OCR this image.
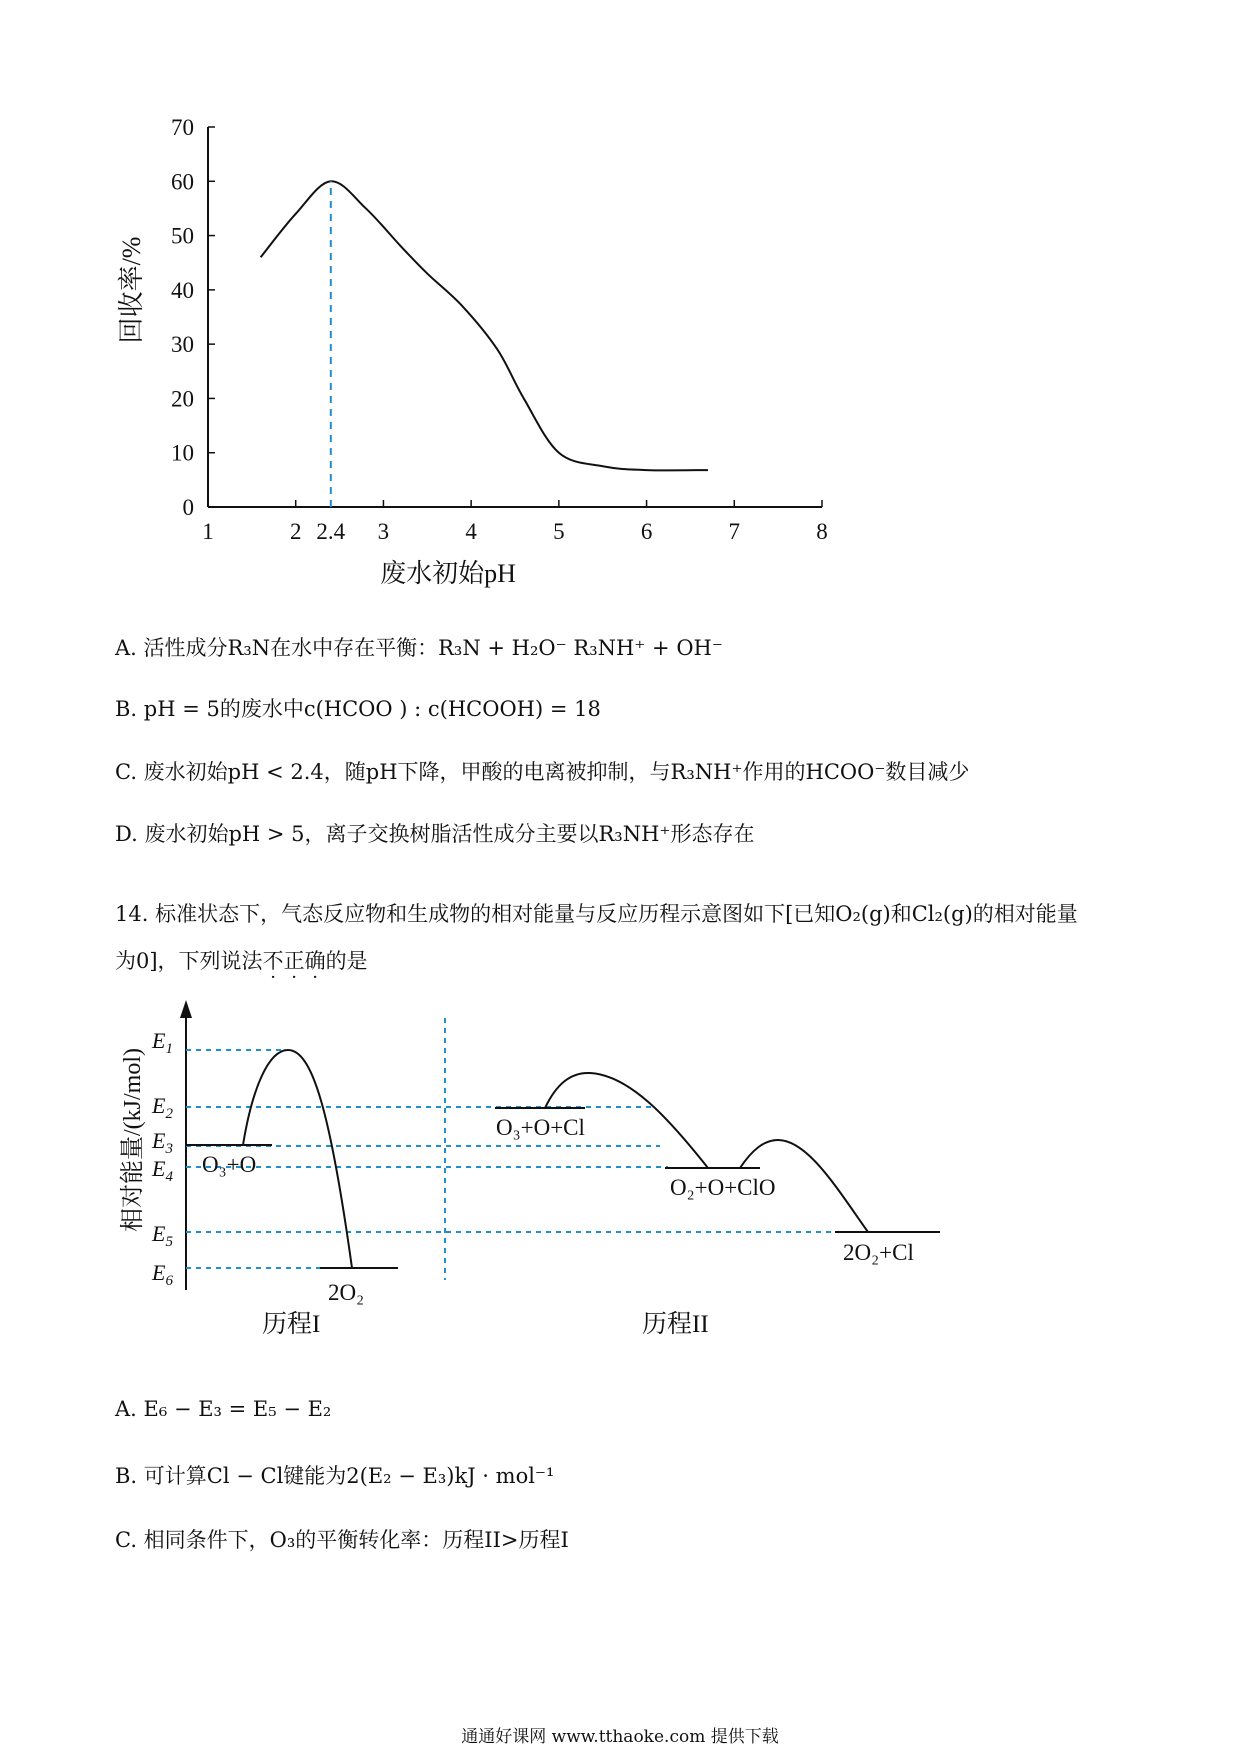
1	2 2.4 3	4	5	6	7	8
0
10
20
30
40
50
60
70
废水初始pH
回收率/%
A. 活性成分R₃N在水中存在平衡：R₃N + H₂O⁻ R₃NH⁺ + OH⁻
B. pH = 5的废水中c(HCOO ) : c(HCOOH) = 18
C. 废水初始pH < 2.4，随pH下降，甲酸的电离被抑制，与R₃NH⁺作用的HCOO⁻数目减少
D. 废水初始pH > 5，离子交换树脂活性成分主要以R₃NH⁺形态存在
14. 标准状态下，气态反应物和生成物的相对能量与反应历程示意图如下[已知O₂(g)和Cl₂(g)的相对能量
为0]，下列说法不正确的是
相对能量/(kJ/mol)
$E_1$
$E_2$
$E_3$
$E_4$
$E_5$
$E_6$
O₃+O
2O₂
O₃+O+Cl
O₂+O+ClO
2O₂+Cl
历程I	历程II
A. E₆ − E₃ = E₅ − E₂
B. 可计算Cl − Cl键能为2(E₂ − E₃)kJ · mol⁻¹
C. 相同条件下，O₃的平衡转化率：历程II>历程I
通通好课网 www.tthaoke.com 提供下载
